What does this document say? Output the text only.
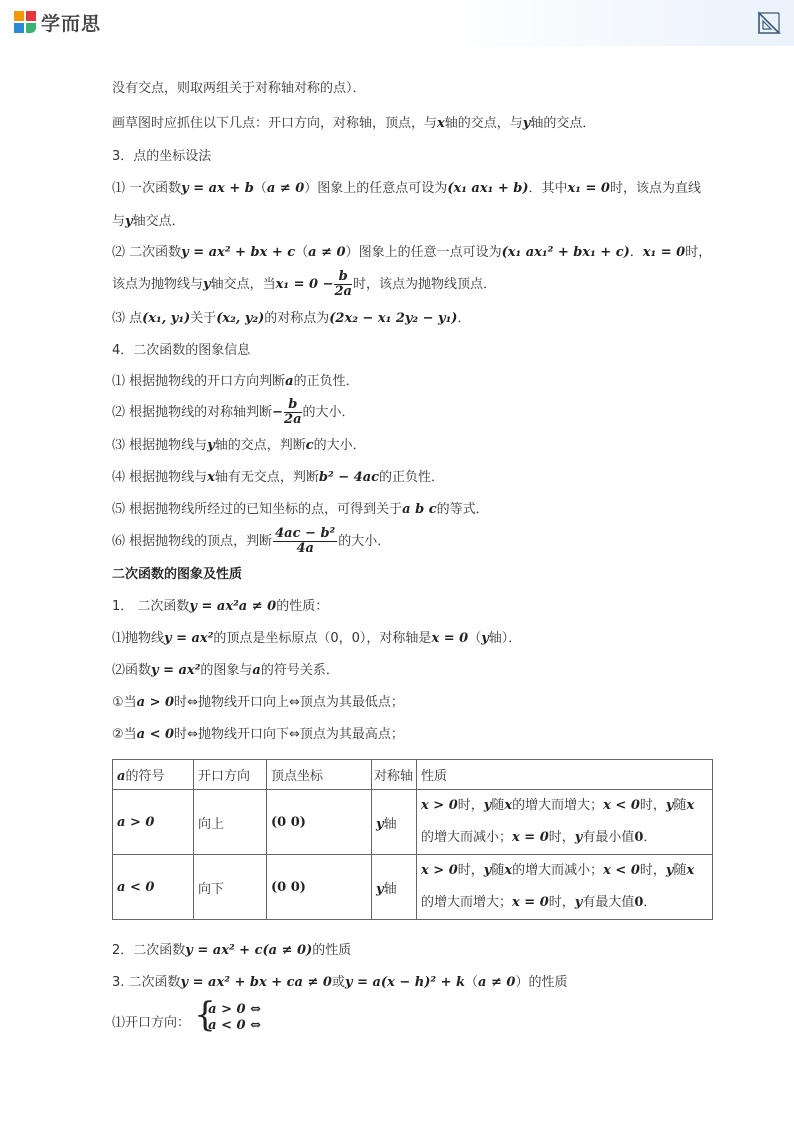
学而思
没有交点，则取两组关于对称轴对称的点）．
画草图时应抓住以下几点：开口方向，对称轴，顶点，与x轴的交点，与y轴的交点．
3．点的坐标设法
⑴ 一次函数y = ax + b（a ≠ 0）图象上的任意点可设为(x₁ ax₁ + b)．其中x₁ = 0时，该点为直线
与y轴交点．
⑵ 二次函数y = ax² + bx + c（a ≠ 0）图象上的任意一点可设为(x₁ ax₁² + bx₁ + c)．x₁ = 0时，
该点为抛物线与y轴交点，当$x_1 = 0 - \frac{b}{2a}$ 时，该点为抛物线顶点．
⑶ 点(x₁, y₁)关于(x₂, y₂)的对称点为(2x₂ − x₁ 2y₂ − y₁)．
4．二次函数的图象信息
⑴ 根据抛物线的开口方向判断a的正负性．
⑵ 根据抛物线的对称轴判断− $\frac{b}{2a}$ 的大小．
⑶ 根据抛物线与y轴的交点，判断c的大小．
⑷ 根据抛物线与x轴有无交点，判断b² − 4ac的正负性．
⑸ 根据抛物线所经过的已知坐标的点，可得到关于a b c的等式．
⑹ 根据抛物线的顶点，判断 $\frac{\text{4ac − b²}}{4a}$ 的大小．
二次函数的图象及性质
1． 二次函数y = ax²a ≠ 0的性质：
⑴抛物线y = ax²的顶点是坐标原点（0，0），对称轴是x = 0（y轴）．
⑵函数y = ax²的图象与a的符号关系．
①当a > 0时⇔抛物线开口向上⇔顶点为其最低点；
②当a < 0时⇔抛物线开口向下⇔顶点为其最高点；
2．二次函数y = ax² + c(a ≠ 0)的性质
3. 二次函数y = ax² + bx + ca ≠ 0或y = a(x − h)² + k（a ≠ 0）的性质
⑴开口方向： {
a > 0 ⇔
a < 0 ⇔
a的符号	开口方向	顶点坐标	对称轴	性质
a > 0	向上	(0 0)	y轴	x > 0时，y随x的增大而增大；x < 0时，y随x
的增大而减小；x = 0时，y有最小值0．
a < 0	向下	(0 0)	y轴	x > 0时，y随x的增大而减小；x < 0时，y随x
的增大而增大；x = 0时，y有最大值0．
